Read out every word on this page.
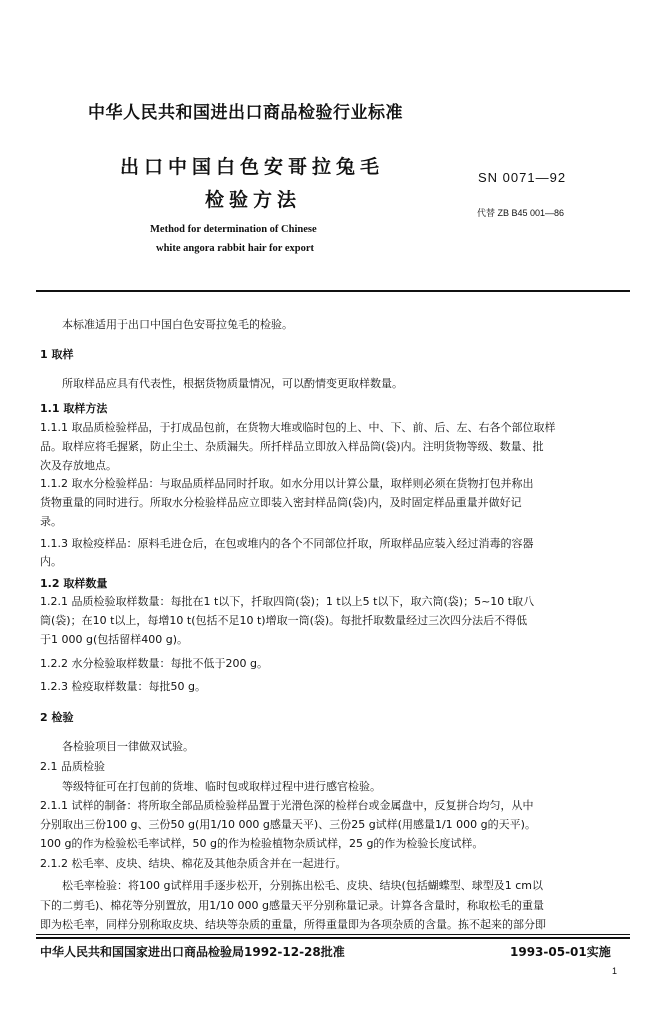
中华人民共和国进出口商品检验行业标准
出口中国白色安哥拉兔毛
检验方法
SN 0071—92
代替 ZB B45 001—86
Method for determination of Chinese
white angora rabbit hair for export
本标准适用于出口中国白色安哥拉兔毛的检验。
1 取样
所取样品应具有代表性，根据货物质量情况，可以酌情变更取样数量。
1.1 取样方法
1.1.1 取品质检验样品，于打成品包前，在货物大堆或临时包的上、中、下、前、后、左、右各个部位取样
品。取样应将毛握紧，防止尘土、杂质漏失。所扦样品立即放入样品筒(袋)内。注明货物等级、数量、批
次及存放地点。
1.1.2 取水分检验样品：与取品质样品同时扦取。如水分用以计算公量，取样则必须在货物打包并称出
货物重量的同时进行。所取水分检验样品应立即装入密封样品筒(袋)内，及时固定样品重量并做好记
录。
1.1.3 取检疫样品：原料毛进仓后，在包或堆内的各个不同部位扦取，所取样品应装入经过消毒的容器
内。
1.2 取样数量
1.2.1 品质检验取样数量：每批在1 t以下，扦取四筒(袋)；1 t以上5 t以下，取六筒(袋)；5~10 t取八
筒(袋)；在10 t以上，每增10 t(包括不足10 t)增取一筒(袋)。每批扦取数量经过三次四分法后不得低
于1 000 g(包括留样400 g)。
1.2.2 水分检验取样数量：每批不低于200 g。
1.2.3 检疫取样数量：每批50 g。
2 检验
各检验项目一律做双试验。
2.1 品质检验
等级特征可在打包前的货堆、临时包或取样过程中进行感官检验。
2.1.1 试样的制备：将所取全部品质检验样品置于光滑色深的检样台或金属盘中，反复拼合均匀，从中
分别取出三份100 g、三份50 g(用1/10 000 g感量天平)、三份25 g试样(用感量1/1 000 g的天平)。
100 g的作为检验松毛率试样，50 g的作为检验植物杂质试样，25 g的作为检验长度试样。
2.1.2 松毛率、皮块、结块、棉花及其他杂质含并在一起进行。
松毛率检验：将100 g试样用手逐步松开，分别拣出松毛、皮块、结块(包括蝴蝶型、球型及1 cm以
下的二剪毛)、棉花等分别置放，用1/10 000 g感量天平分别称量记录。计算各含量时，称取松毛的重量
即为松毛率，同样分别称取皮块、结块等杂质的重量，所得重量即为各项杂质的含量。拣不起来的部分即
中华人民共和国国家进出口商品检验局1992-12-28批准	1993-05-01实施
1
